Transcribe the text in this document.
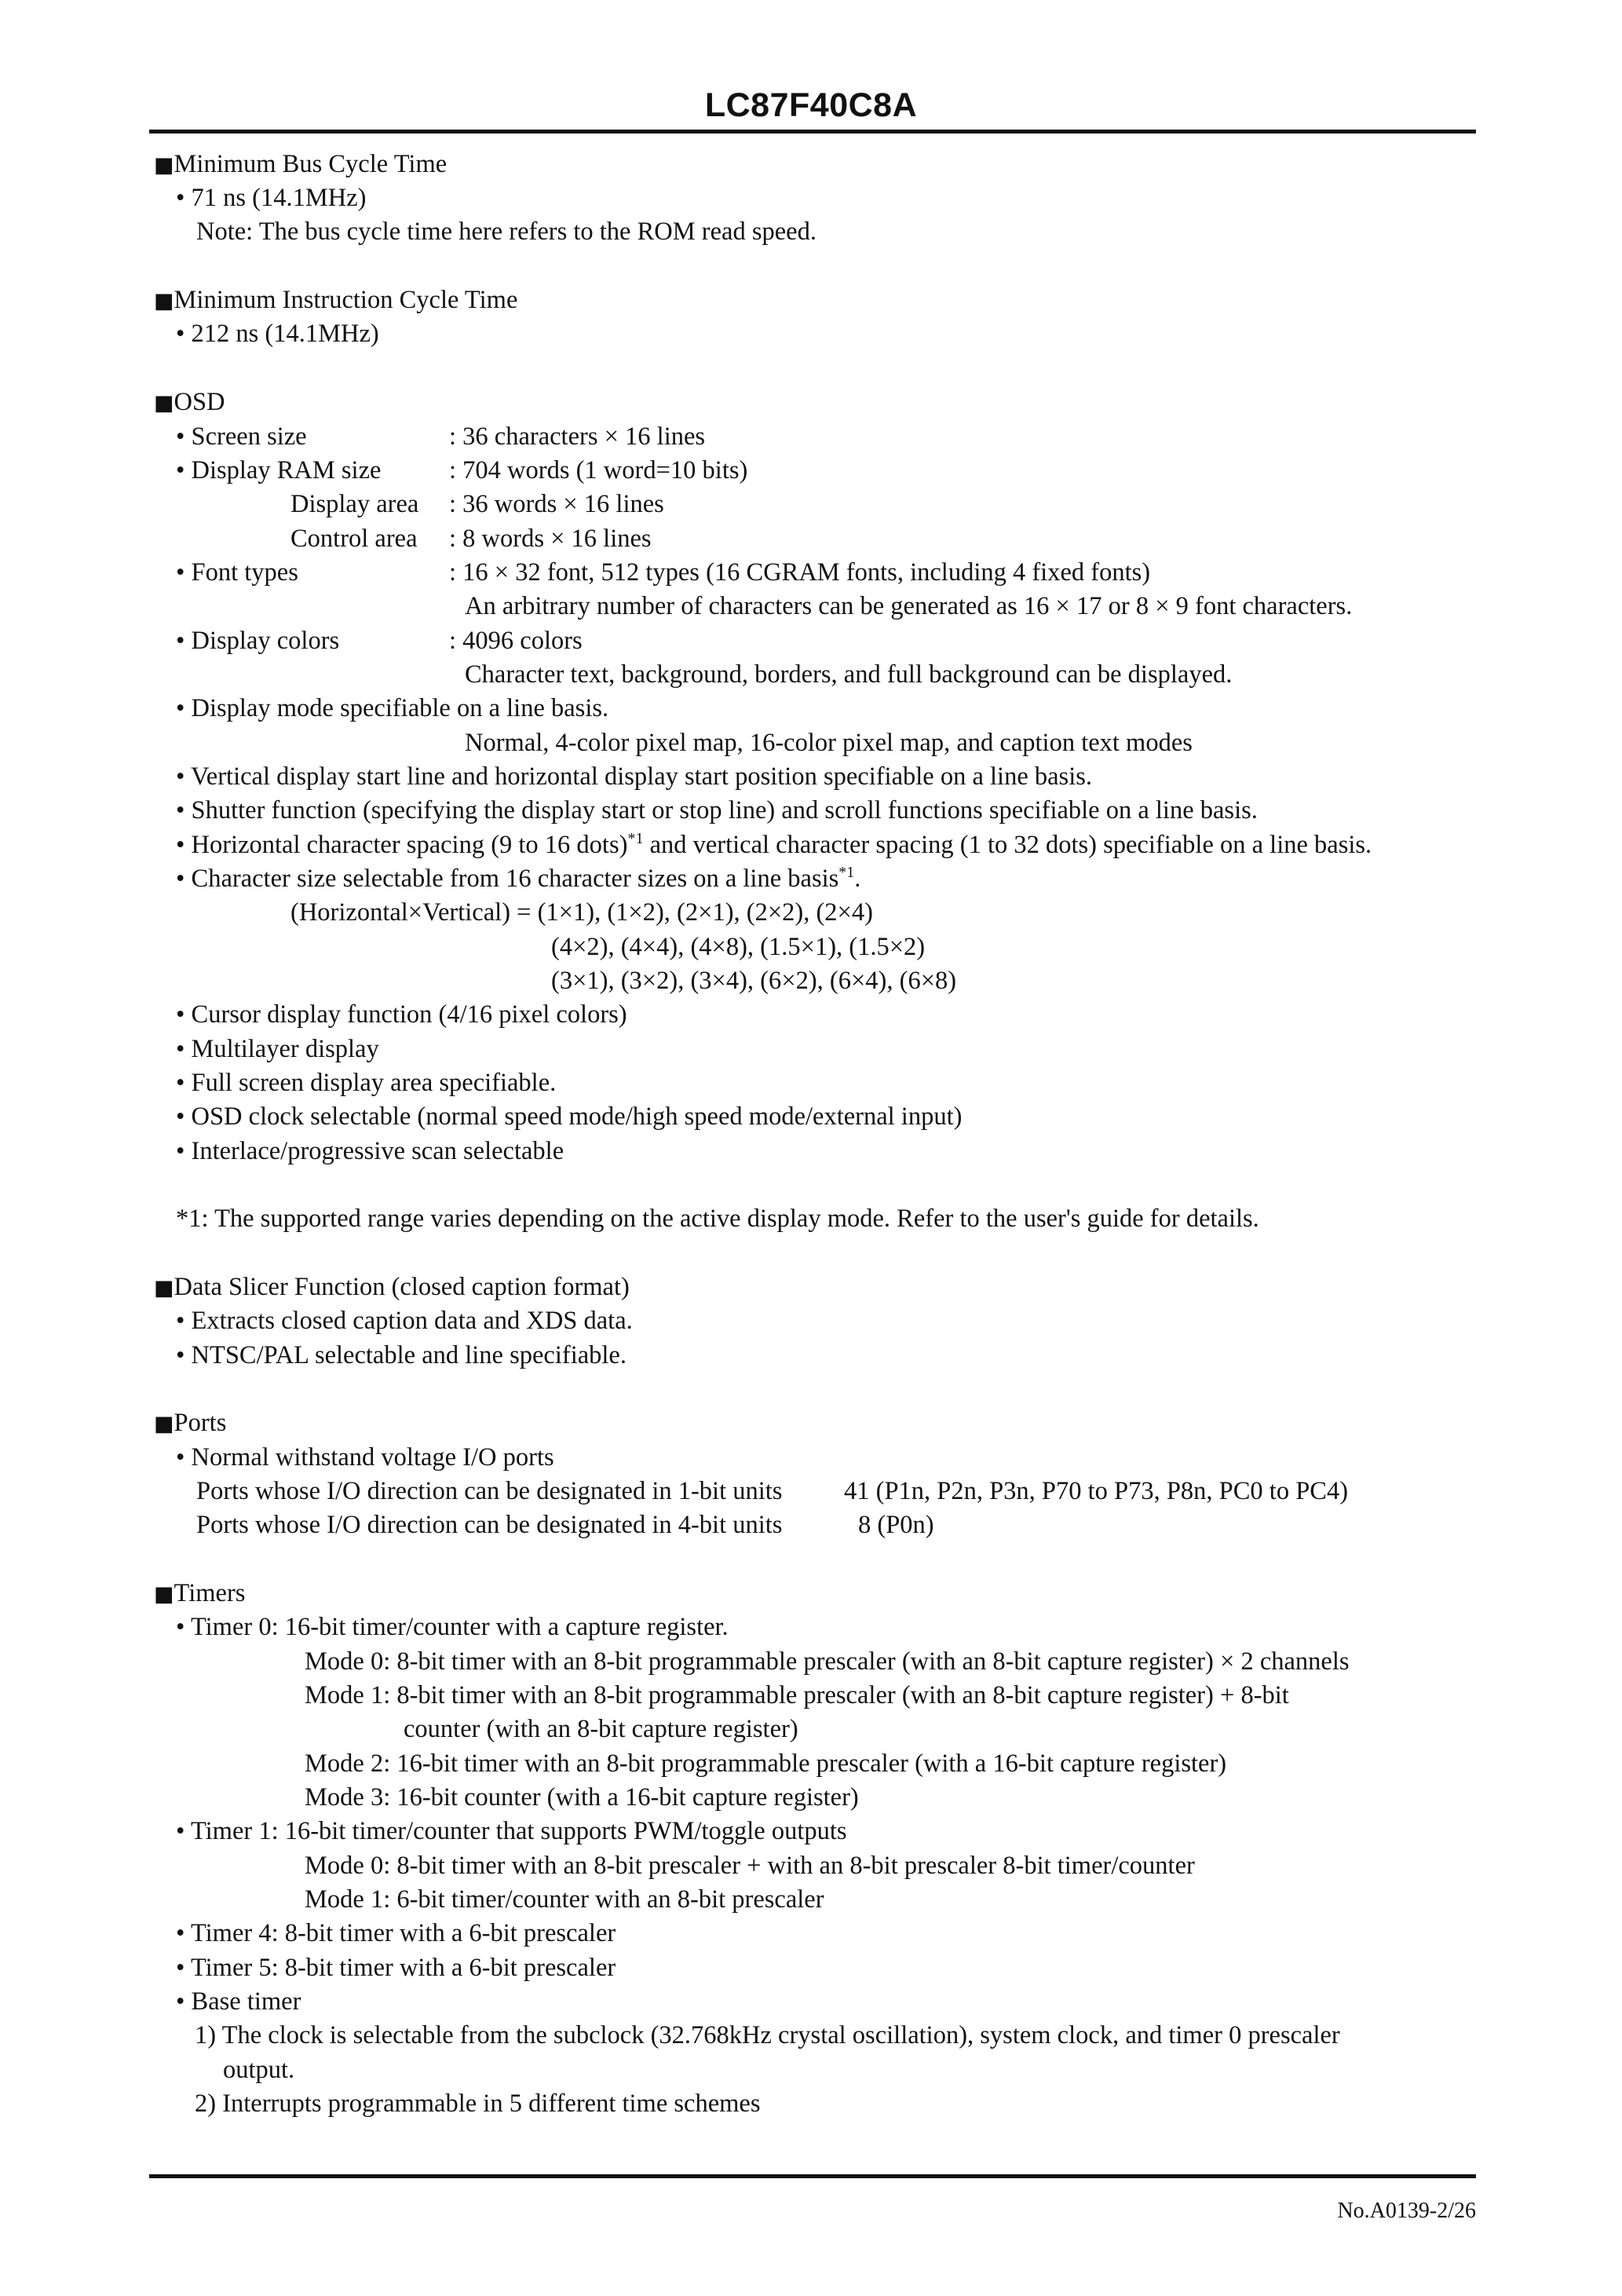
LC87F40C8A
■Minimum Bus Cycle Time
• 71 ns (14.1MHz)
Note: The bus cycle time here refers to the ROM read speed.
■Minimum Instruction Cycle Time
• 212 ns (14.1MHz)
■OSD
• Screen size	: 36 characters × 16 lines
• Display RAM size	: 704 words (1 word=10 bits)
Display area : 36 words × 16 lines
Control area : 8 words × 16 lines
• Font types	: 16 × 32 font, 512 types (16 CGRAM fonts, including 4 fixed fonts)
An arbitrary number of characters can be generated as 16 × 17 or 8 × 9 font characters.
• Display colors	: 4096 colors
Character text, background, borders, and full background can be displayed.
• Display mode specifiable on a line basis.
Normal, 4-color pixel map, 16-color pixel map, and caption text modes
• Vertical display start line and horizontal display start position specifiable on a line basis.
• Shutter function (specifying the display start or stop line) and scroll functions specifiable on a line basis.
• Horizontal character spacing (9 to 16 dots)$^{*1}$ and vertical character spacing (1 to 32 dots) specifiable on a line basis.
• Character size selectable from 16 character sizes on a line basis$^{*1}$.
(Horizontal×Vertical) = (1×1), (1×2), (2×1), (2×2), (2×4)
(4×2), (4×4), (4×8), (1.5×1), (1.5×2)
(3×1), (3×2), (3×4), (6×2), (6×4), (6×8)
• Cursor display function (4/16 pixel colors)
• Multilayer display
• Full screen display area specifiable.
• OSD clock selectable (normal speed mode/high speed mode/external input)
• Interlace/progressive scan selectable
*1: The supported range varies depending on the active display mode. Refer to the user's guide for details.
■Data Slicer Function (closed caption format)
• Extracts closed caption data and XDS data.
• NTSC/PAL selectable and line specifiable.
■Ports
• Normal withstand voltage I/O ports
Ports whose I/O direction can be designated in 1-bit units 41 (P1n, P2n, P3n, P70 to P73, P8n, PC0 to PC4)
Ports whose I/O direction can be designated in 4-bit units	8 (P0n)
■Timers
• Timer 0: 16-bit timer/counter with a capture register.
Mode 0: 8-bit timer with an 8-bit programmable prescaler (with an 8-bit capture register) × 2 channels
Mode 1: 8-bit timer with an 8-bit programmable prescaler (with an 8-bit capture register) + 8-bit
counter (with an 8-bit capture register)
Mode 2: 16-bit timer with an 8-bit programmable prescaler (with a 16-bit capture register)
Mode 3: 16-bit counter (with a 16-bit capture register)
• Timer 1: 16-bit timer/counter that supports PWM/toggle outputs
Mode 0: 8-bit timer with an 8-bit prescaler + with an 8-bit prescaler 8-bit timer/counter
Mode 1: 6-bit timer/counter with an 8-bit prescaler
• Timer 4: 8-bit timer with a 6-bit prescaler
• Timer 5: 8-bit timer with a 6-bit prescaler
• Base timer
1) The clock is selectable from the subclock (32.768kHz crystal oscillation), system clock, and timer 0 prescaler
output.
2) Interrupts programmable in 5 different time schemes
No.A0139-2/26
